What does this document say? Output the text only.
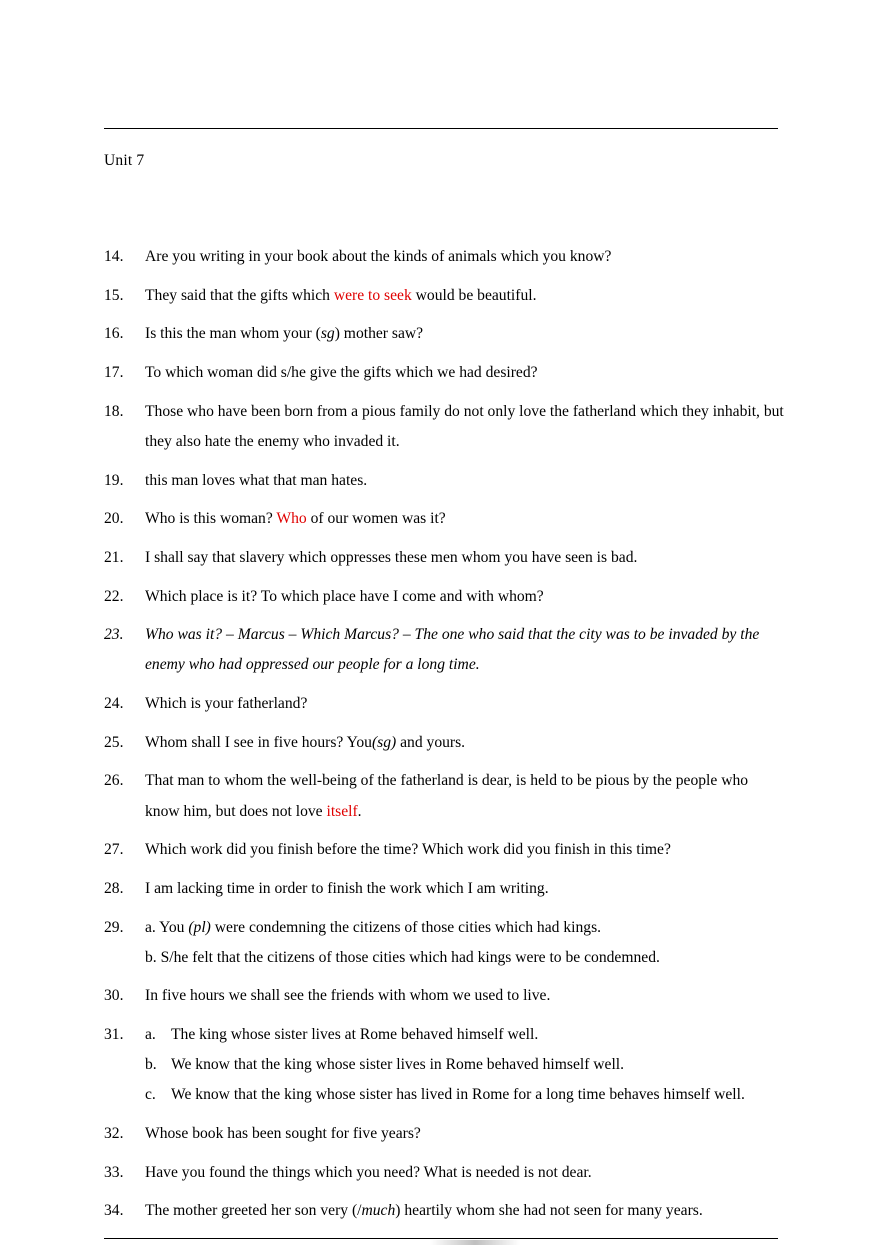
Unit 7
14.	Are you writing in your book about the kinds of animals which you know?
15.	They said that the gifts which were to seek would be beautiful.
16.	Is this the man whom your (sg) mother saw?
17.	To which woman did s/he give the gifts which we had desired?
18.	Those who have been born from a pious family do not only love the fatherland which they inhabit, but they also hate the enemy who invaded it.
19.	this man loves what that man hates.
20.	Who is this woman? Who of our women was it?
21.	I shall say that slavery which oppresses these men whom you have seen is bad.
22.	Which place is it? To which place have I come and with whom?
23.	Who was it? – Marcus – Which Marcus? – The one who said that the city was to be invaded by the enemy who had oppressed our people for a long time.
24.	Which is your fatherland?
25.	Whom shall I see in five hours? You(sg) and yours.
26.	That man to whom the well-being of the fatherland is dear, is held to be pious by the people who know him, but does not love itself.
27.	Which work did you finish before the time? Which work did you finish in this time?
28.	I am lacking time in order to finish the work which I am writing.
29.	a. You (pl) were condemning the citizens of those cities which had kings.
b. S/he felt that the citizens of those cities which had kings were to be condemned.
30.	In five hours we shall see the friends with whom we used to live.
31.	a. The king whose sister lives at Rome behaved himself well.
b. We know that the king whose sister lives in Rome behaved himself well.
c. We know that the king whose sister has lived in Rome for a long time behaves himself well.
32.	Whose book has been sought for five years?
33.	Have you found the things which you need? What is needed is not dear.
34.	The mother greeted her son very (/much) heartily whom she had not seen for many years.
